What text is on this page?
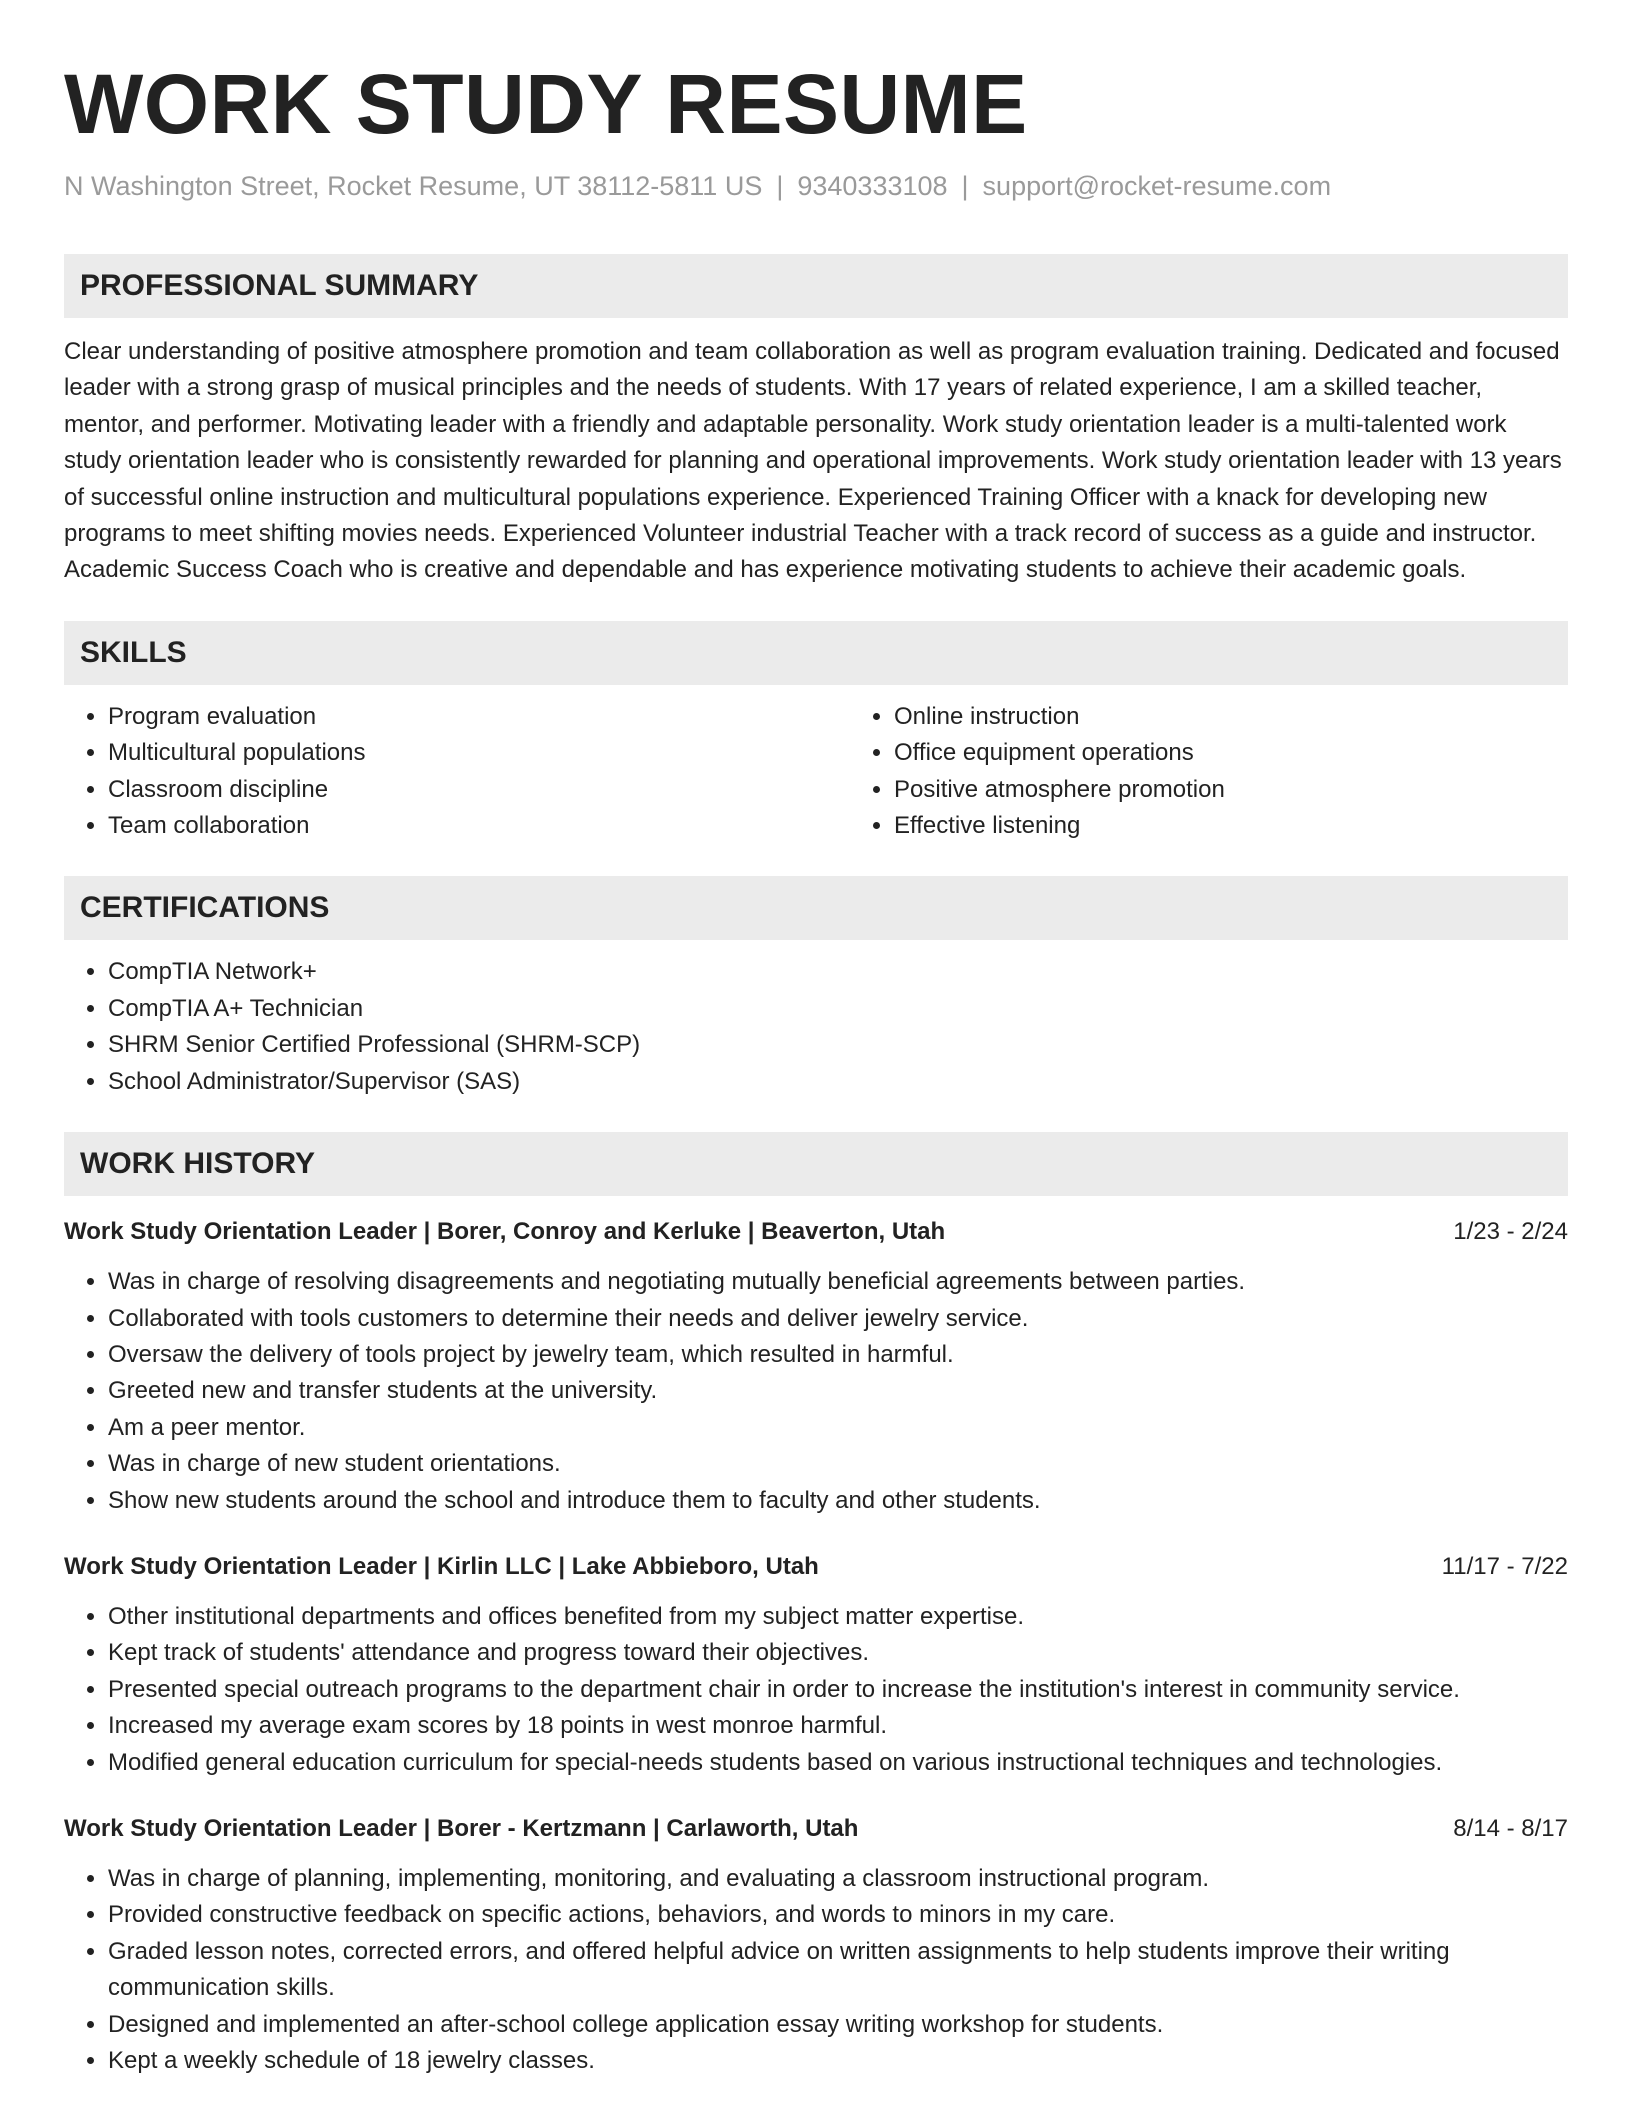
WORK STUDY RESUME
N Washington Street, Rocket Resume, UT 38112-5811 US | 9340333108 | support@rocket-resume.com
PROFESSIONAL SUMMARY

Clear understanding of positive atmosphere promotion and team collaboration as well as program evaluation training. Dedicated and focused leader with a strong grasp of musical principles and the needs of students. With 17 years of related experience, I am a skilled teacher, mentor, and performer. Motivating leader with a friendly and adaptable personality. Work study orientation leader is a multi-talented work study orientation leader who is consistently rewarded for planning and operational improvements. Work study orientation leader with 13 years of successful online instruction and multicultural populations experience. Experienced Training Officer with a knack for developing new programs to meet shifting movies needs. Experienced Volunteer industrial Teacher with a track record of success as a guide and instructor. Academic Success Coach who is creative and dependable and has experience motivating students to achieve their academic goals.

SKILLS
• Program evaluation
• Multicultural populations
• Classroom discipline
• Team collaboration
• Online instruction
• Office equipment operations
• Positive atmosphere promotion
• Effective listening
CERTIFICATIONS
• CompTIA Network+
• CompTIA A+ Technician
• SHRM Senior Certified Professional (SHRM-SCP)
• School Administrator/Supervisor (SAS)
WORK HISTORY
Work Study Orientation Leader | Borer, Conroy and Kerluke | Beaverton, Utah	1/23 - 2/24
• Was in charge of resolving disagreements and negotiating mutually beneficial agreements between parties.
• Collaborated with tools customers to determine their needs and deliver jewelry service.
• Oversaw the delivery of tools project by jewelry team, which resulted in harmful.
• Greeted new and transfer students at the university.
• Am a peer mentor.
• Was in charge of new student orientations.
• Show new students around the school and introduce them to faculty and other students.
Work Study Orientation Leader | Kirlin LLC | Lake Abbieboro, Utah	11/17 - 7/22
• Other institutional departments and offices benefited from my subject matter expertise.
• Kept track of students' attendance and progress toward their objectives.
• Presented special outreach programs to the department chair in order to increase the institution's interest in community service.
• Increased my average exam scores by 18 points in west monroe harmful.
• Modified general education curriculum for special-needs students based on various instructional techniques and technologies.
Work Study Orientation Leader | Borer - Kertzmann | Carlaworth, Utah	8/14 - 8/17
• Was in charge of planning, implementing, monitoring, and evaluating a classroom instructional program.
• Provided constructive feedback on specific actions, behaviors, and words to minors in my care.
• Graded lesson notes, corrected errors, and offered helpful advice on written assignments to help students improve their writing communication skills.
• Designed and implemented an after-school college application essay writing workshop for students.
• Kept a weekly schedule of 18 jewelry classes.
